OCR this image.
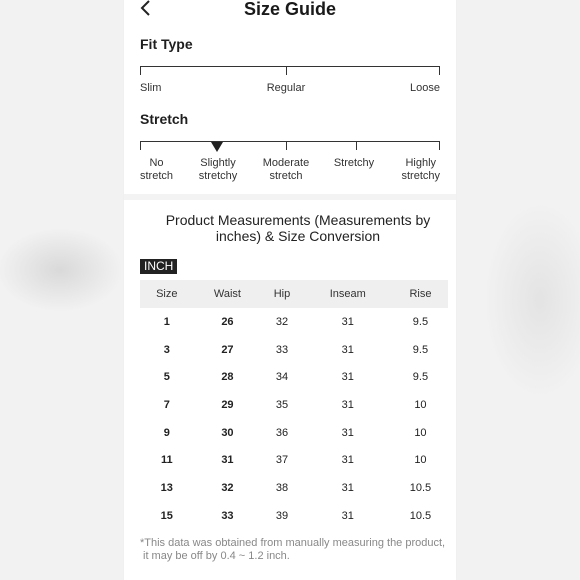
Size Guide
Fit Type
Slim	Regular	Loose
Stretch
No
stretch
Slightly
stretchy
Moderate
stretch
Stretchy	Highly
stretchy
Product Measurements (Measurements by inches) & Size Conversion
INCH
Size	Waist	Hip	Inseam	Rise
1	26	32	31	9.5
3	27	33	31	9.5
5	28	34	31	9.5
7	29	35	31	10
9	30	36	31	10
11	31	37	31	10
13	32	38	31	10.5
15	33	39	31	10.5
*This data was obtained from manually measuring the product,
it may be off by 0.4 ~ 1.2 inch.
